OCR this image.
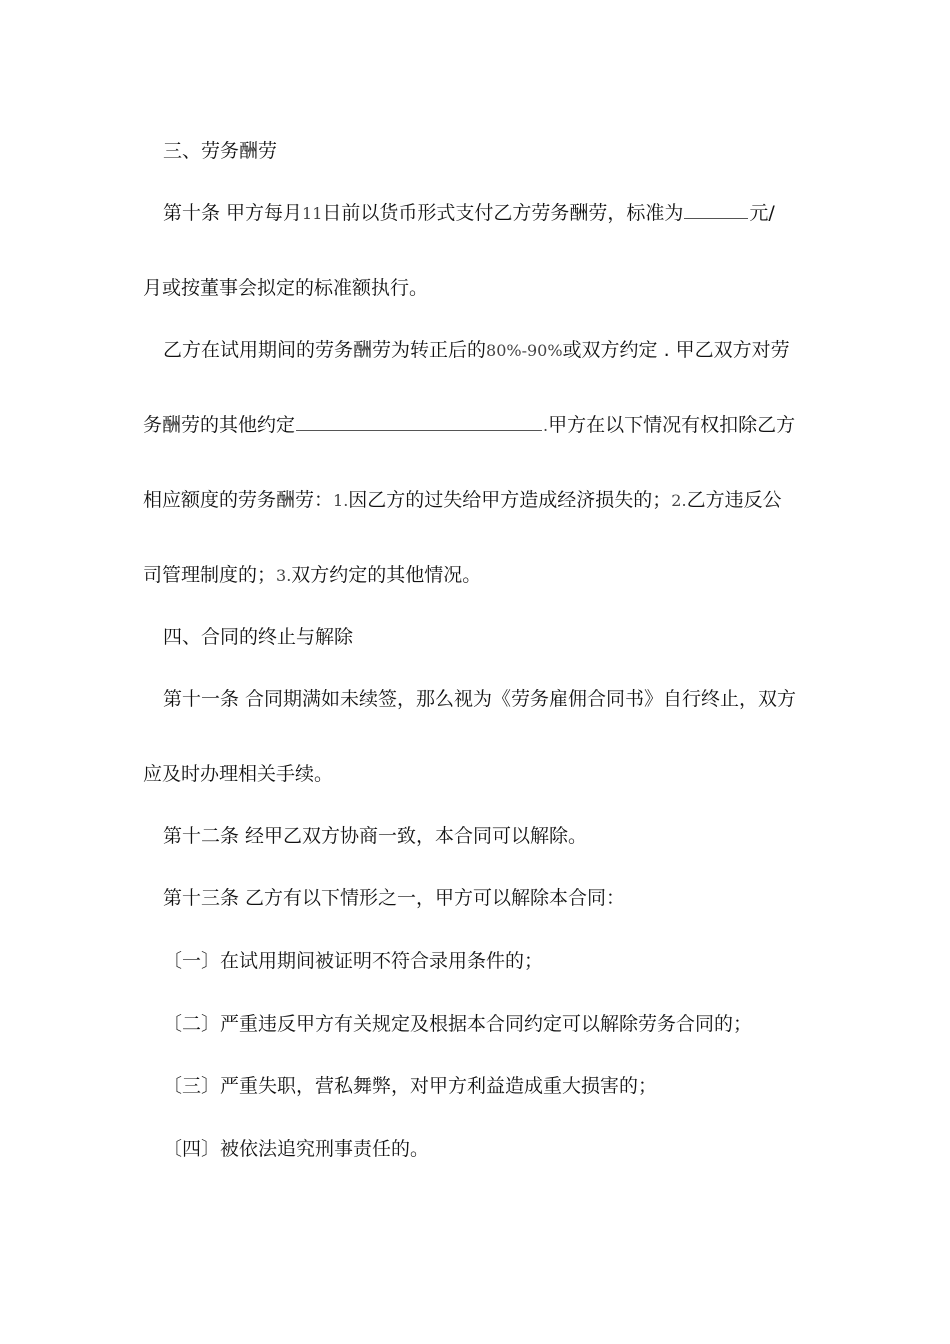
三、劳务酬劳
第十条 甲方每月11日前以货币形式支付乙方劳务酬劳，标准为	元/
月或按董事会拟定的标准额执行。
乙方在试用期间的劳务酬劳为转正后的80%-90%或双方约定 . 甲乙双方对劳
务酬劳的其他约定	.甲方在以下情况有权扣除乙方
相应额度的劳务酬劳：1.因乙方的过失给甲方造成经济损失的；2.乙方违反公
司管理制度的；3.双方约定的其他情况。
四、合同的终止与解除
第十一条 合同期满如未续签，那么视为《劳务雇佣合同书》自行终止，双方
应及时办理相关手续。
第十二条 经甲乙双方协商一致，本合同可以解除。
第十三条 乙方有以下情形之一，甲方可以解除本合同：
〔一〕在试用期间被证明不符合录用条件的；
〔二〕严重违反甲方有关规定及根据本合同约定可以解除劳务合同的；
〔三〕严重失职，营私舞弊，对甲方利益造成重大损害的；
〔四〕被依法追究刑事责任的。
